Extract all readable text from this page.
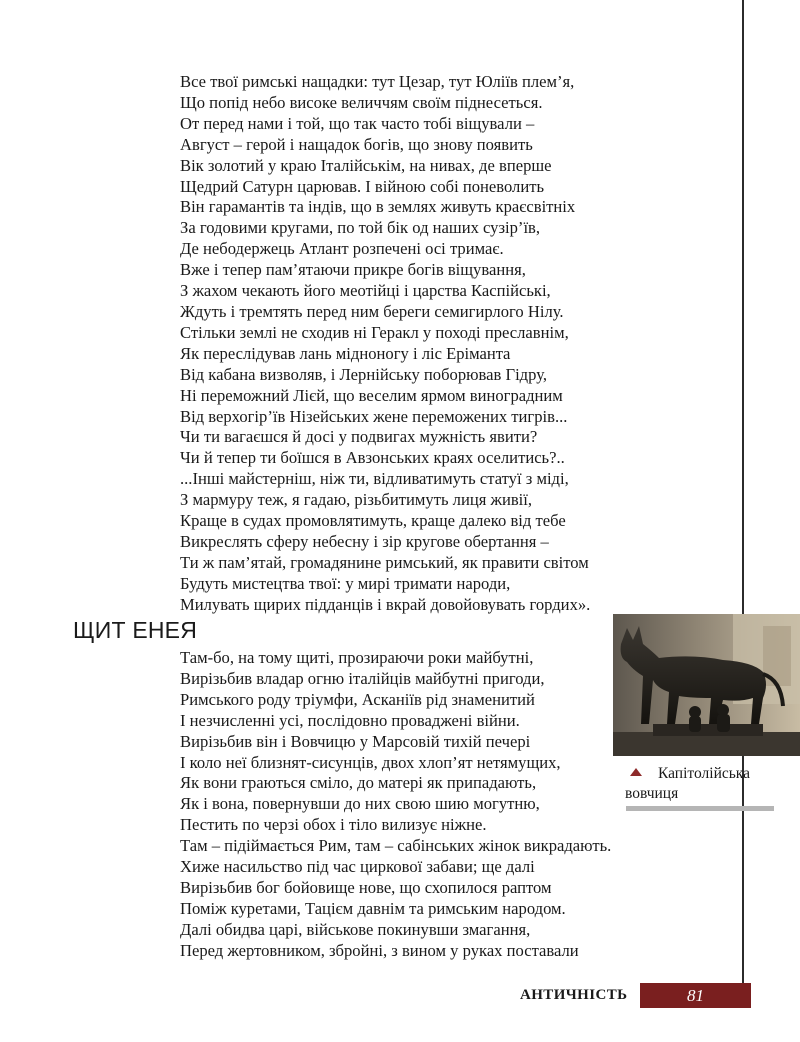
Все твої римські нащадки: тут Цезар, тут Юліїв плем’я,
Що попід небо високе величчям своїм піднесеться.
От перед нами і той, що так часто тобі віщували –
Август – герой і нащадок богів, що знову появить
Вік золотий у краю Італійськім, на нивах, де вперше
Щедрий Сатурн царював. І війною собі поневолить
Він гарамантів та індів, що в землях живуть краєсвітніх
За годовими кругами, по той бік од наших сузір’їв,
Де небодержець Атлант розпечені осі тримає.
Вже і тепер пам’ятаючи прикре богів віщування,
З жахом чекають його меотійці і царства Каспійські,
Ждуть і тремтять перед ним береги семигирлого Нілу.
Стільки землі не сходив ні Геракл у поході преславнім,
Як переслідував лань мідноногу і ліс Ерімантa
Від кабана визволяв, і Лернійську поборював Гідру,
Ні переможний Лієй, що веселим ярмом виноградним
Від верхогір’їв Нізейських жене переможених тигрів...
Чи ти вагаєшся й досі у подвигах мужність явити?
Чи й тепер ти боїшся в Авзонських краях оселитись?..
...Інші майстерніш, ніж ти, відливатимуть статуї з міді,
З мармуру теж, я гадаю, різьбитимуть лиця живії,
Краще в судах промовлятимуть, краще далеко від тебе
Викреслять сферу небесну і зір кругове обертання –
Ти ж пам’ятай, громадянине римський, як правити світом
Будуть мистецтва твої: у мирі тримати народи,
Милувать щирих підданців і вкрай довойовувать гордих».
ЩИТ ЕНЕЯ
Там-бо, на тому щиті, прозираючи роки майбутні,
Вирізьбив владар огню італійців майбутні пригоди,
Римського роду тріумфи, Асканіїв рід знаменитий
І незчисленні усі, послідовно провадженi війни.
Вирізьбив він і Вовчицю у Марсовій тихій печері
І коло неї близнят-сисунців, двох хлоп’ят нетямущих,
Як вони граються сміло, до матері як припадають,
Як і вона, повернувши до них свою шию могутню,
Пестить по черзі обох і тіло вилизує ніжне.
Там – підіймається Рим, там – сабінських жінок викрадають.
Хиже насильство під час циркової забави; ще далі
Вирізьбив бог бойовище нове, що схопилося раптом
Поміж куретами, Тацієм давнім та римським народом.
Далі обидва царі, військове покинувши змагання,
Перед жертовником, збройні, з вином у руках поставали
Капітолійська
вовчиця
АНТИЧНІСТЬ	81
